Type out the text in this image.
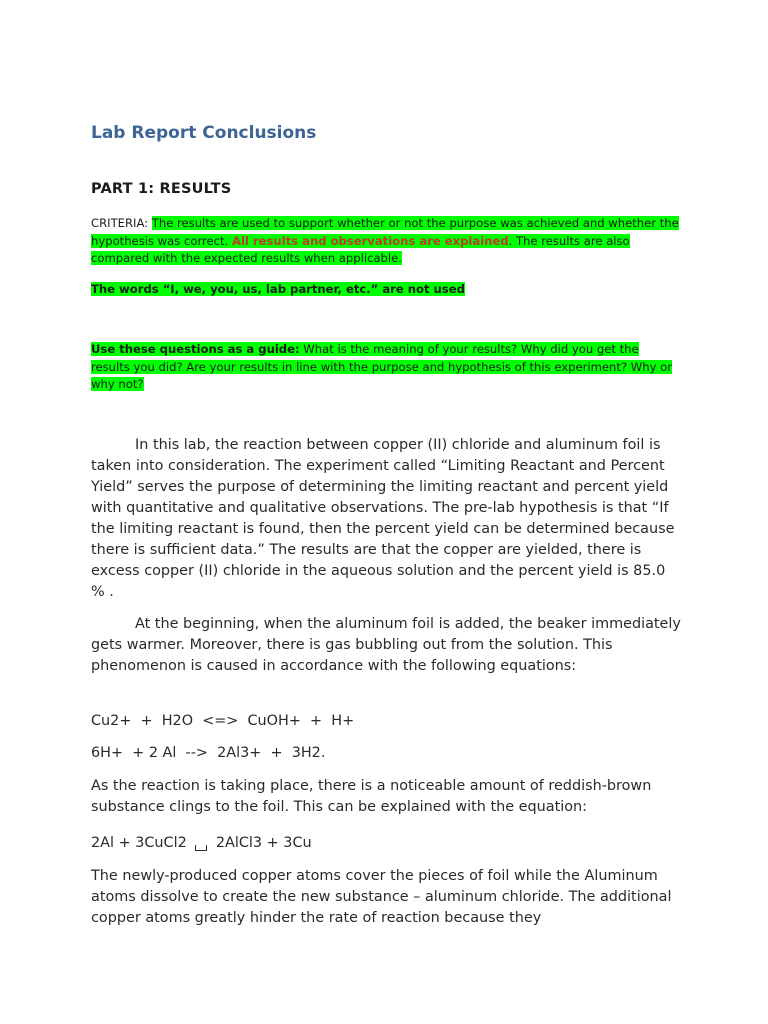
Lab Report Conclusions
PART 1: RESULTS

CRITERIA: The results are used to support whether or not the purpose was achieved and whether the hypothesis was correct. All results and observations are explained. The results are also compared with the expected results when applicable.

The words “I, we, you, us, lab partner, etc.” are not used

Use these questions as a guide: What is the meaning of your results? Why did you get the results you did? Are your results in line with the purpose and hypothesis of this experiment? Why or why not?

In this lab, the reaction between copper (II) chloride and aluminum foil is taken into consideration. The experiment called “Limiting Reactant and Percent Yield” serves the purpose of determining the limiting reactant and percent yield with quantitative and qualitative observations. The pre-lab hypothesis is that “If the limiting reactant is found, then the percent yield can be determined because there is sufficient data.” The results are that the copper are yielded, there is excess copper (II) chloride in the aqueous solution and the percent yield is 85.0 % .

At the beginning, when the aluminum foil is added, the beaker immediately gets warmer. Moreover, there is gas bubbling out from the solution. This phenomenon is caused in accordance with the following equations:

Cu2+  +  H2O  <=>  CuOH+  +  H+

6H+  + 2 Al  -->  2Al3+  +  3H2.

As the reaction is taking place, there is a noticeable amount of reddish-brown substance clings to the foil. This can be explained with the equation:

2Al + 3CuCl2 2AlCl3 + 3Cu

The newly-produced copper atoms cover the pieces of foil while the Aluminum atoms dissolve to create the new substance – aluminum chloride. The additional copper atoms greatly hinder the rate of reaction because they
